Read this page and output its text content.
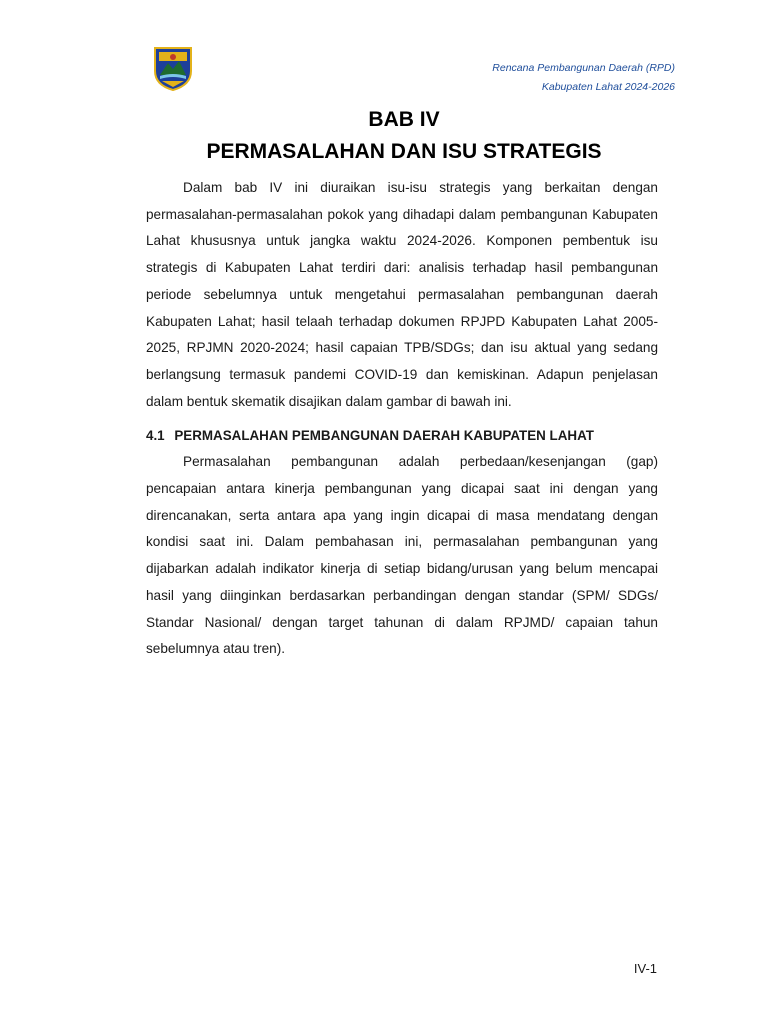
Rencana Pembangunan Daerah (RPD)
Kabupaten Lahat 2024-2026
BAB IV
PERMASALAHAN DAN ISU STRATEGIS

Dalam bab IV ini diuraikan isu-isu strategis yang berkaitan dengan permasalahan-permasalahan pokok yang dihadapi dalam pembangunan Kabupaten Lahat khususnya untuk jangka waktu 2024-2026. Komponen pembentuk isu strategis di Kabupaten Lahat terdiri dari: analisis terhadap hasil pembangunan periode sebelumnya untuk mengetahui permasalahan pembangunan daerah Kabupaten Lahat; hasil telaah terhadap dokumen RPJPD Kabupaten Lahat 2005- 2025, RPJMN 2020-2024; hasil capaian TPB/SDGs; dan isu aktual yang sedang berlangsung termasuk pandemi COVID-19 dan kemiskinan. Adapun penjelasan dalam bentuk skematik disajikan dalam gambar di bawah ini.

4.1 PERMASALAHAN PEMBANGUNAN DAERAH KABUPATEN LAHAT

Permasalahan pembangunan adalah perbedaan/kesenjangan (gap) pencapaian antara kinerja pembangunan yang dicapai saat ini dengan yang direncanakan, serta antara apa yang ingin dicapai di masa mendatang dengan kondisi saat ini. Dalam pembahasan ini, permasalahan pembangunan yang dijabarkan adalah indikator kinerja di setiap bidang/urusan yang belum mencapai hasil yang diinginkan berdasarkan perbandingan dengan standar (SPM/ SDGs/ Standar Nasional/ dengan target tahunan di dalam RPJMD/ capaian tahun sebelumnya atau tren).

IV-1
